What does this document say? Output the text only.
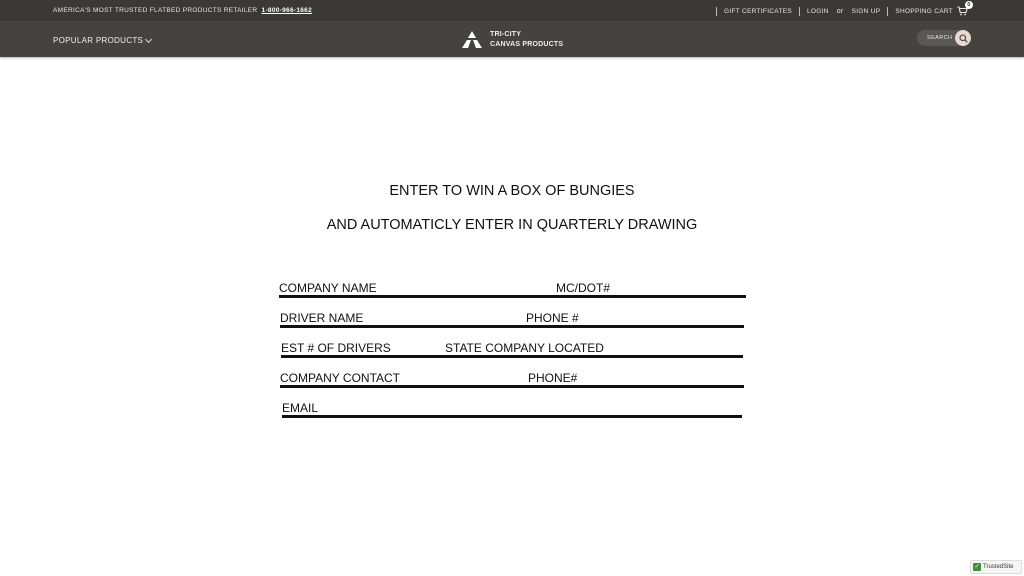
AMERICA'S MOST TRUSTED FLATBED PRODUCTS RETAILER 1-800-966-1662	GIFT CERTIFICATES LOGIN or SIGN UP SHOPPING CART
0
POPULAR PRODUCTS
TRI-CITY
CANVAS PRODUCTS
SEARCH
ENTER TO WIN A BOX OF BUNGIES
AND AUTOMATICLY ENTER IN QUARTERLY DRAWING
COMPANY NAME	MC/DOT#
DRIVER NAME	PHONE #
EST # OF DRIVERS	STATE COMPANY LOCATED
COMPANY CONTACT	PHONE#
EMAIL
✓ TrustedSite
